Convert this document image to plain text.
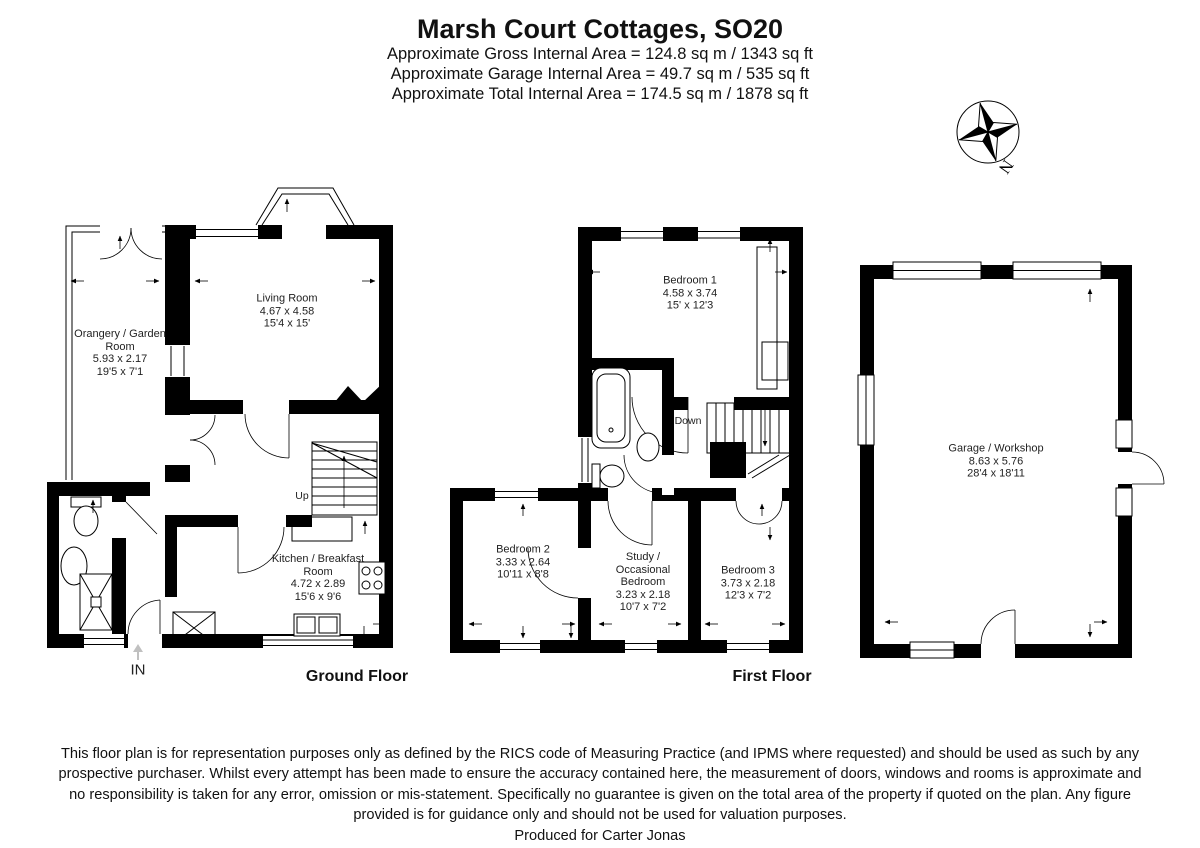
Marsh Court Cottages, SO20
Approximate Gross Internal Area = 124.8 sq m / 1343 sq ft
Approximate Garage Internal Area = 49.7 sq m / 535 sq ft
Approximate Total Internal Area = 174.5 sq m / 1878 sq ft
N
Orangery / Garden Room
5.93 x 2.17
19'5 x 7'1
Living Room
4.67 x 4.58
15'4 x 15'
Kitchen / Breakfast Room
4.72 x 2.89
15'6 x 9'6
Bedroom 1
4.58 x 3.74
15' x 12'3
Bedroom 2
3.33 x 2.64
10'11 x 8'8
Study / Occasional Bedroom
3.23 x 2.18
10'7 x 7'2
Bedroom 3
3.73 x 2.18
12'3 x 7'2
Garage / Workshop
8.63 x 5.76
28'4 x 18'11
Up
Down
IN	Ground Floor	First Floor
This floor plan is for representation purposes only as defined by the RICS code of Measuring Practice (and IPMS where requested) and should be used as such by any prospective purchaser. Whilst every attempt has been made to ensure the accuracy contained here, the measurement of doors, windows and rooms is approximate and no responsibility is taken for any error, omission or mis-statement. Specifically no guarantee is given on the total area of the property if quoted on the plan. Any figure provided is for guidance only and should not be used for valuation purposes.
Produced for Carter Jonas
